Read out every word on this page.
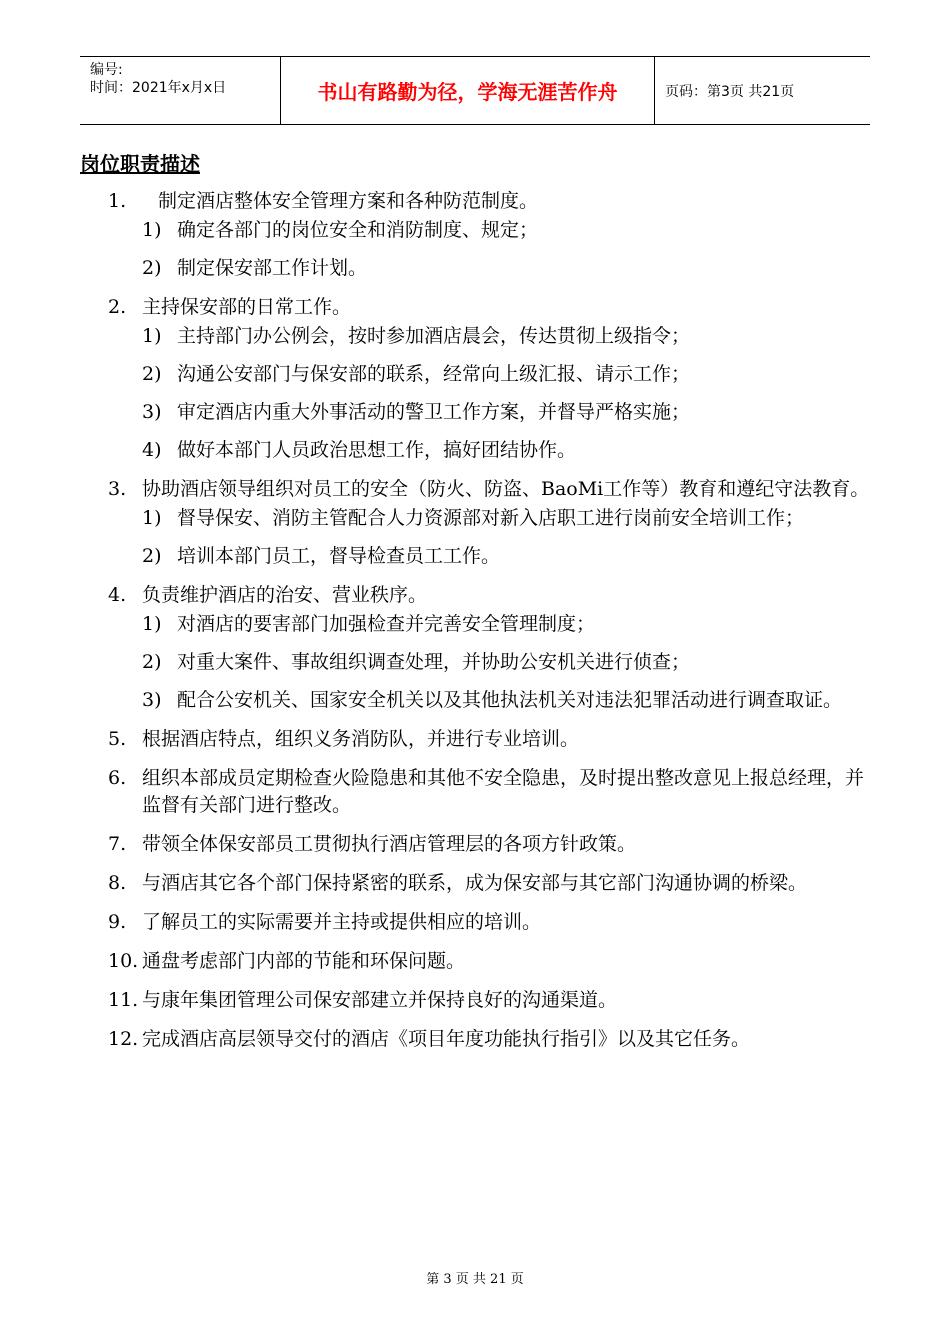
编号:
时间：2021年x月x日	书山有路勤为径，学海无涯苦作舟	页码：第3页 共21页
岗位职责描述
1.	制定酒店整体安全管理方案和各种防范制度。
1) 确定各部门的岗位安全和消防制度、规定；
2) 制定保安部工作计划。
2. 主持保安部的日常工作。
1) 主持部门办公例会，按时参加酒店晨会，传达贯彻上级指令；
2) 沟通公安部门与保安部的联系，经常向上级汇报、请示工作；
3) 审定酒店内重大外事活动的警卫工作方案，并督导严格实施；
4) 做好本部门人员政治思想工作，搞好团结协作。
3. 协助酒店领导组织对员工的安全（防火、防盗、BaoMi工作等）教育和遵纪守法教育。
1) 督导保安、消防主管配合人力资源部对新入店职工进行岗前安全培训工作；
2) 培训本部门员工，督导检查员工工作。
4. 负责维护酒店的治安、营业秩序。
1) 对酒店的要害部门加强检查并完善安全管理制度；
2) 对重大案件、事故组织调查处理，并协助公安机关进行侦查；
3) 配合公安机关、国家安全机关以及其他执法机关对违法犯罪活动进行调查取证。
5. 根据酒店特点，组织义务消防队，并进行专业培训。
6. 组织本部成员定期检查火险隐患和其他不安全隐患，及时提出整改意见上报总经理，并监督有关部门进行整改。
7. 带领全体保安部员工贯彻执行酒店管理层的各项方针政策。
8. 与酒店其它各个部门保持紧密的联系，成为保安部与其它部门沟通协调的桥梁。
9. 了解员工的实际需要并主持或提供相应的培训。
10. 通盘考虑部门内部的节能和环保问题。
11. 与康年集团管理公司保安部建立并保持良好的沟通渠道。
12. 完成酒店高层领导交付的酒店《项目年度功能执行指引》以及其它任务。
第 3 页 共 21 页
